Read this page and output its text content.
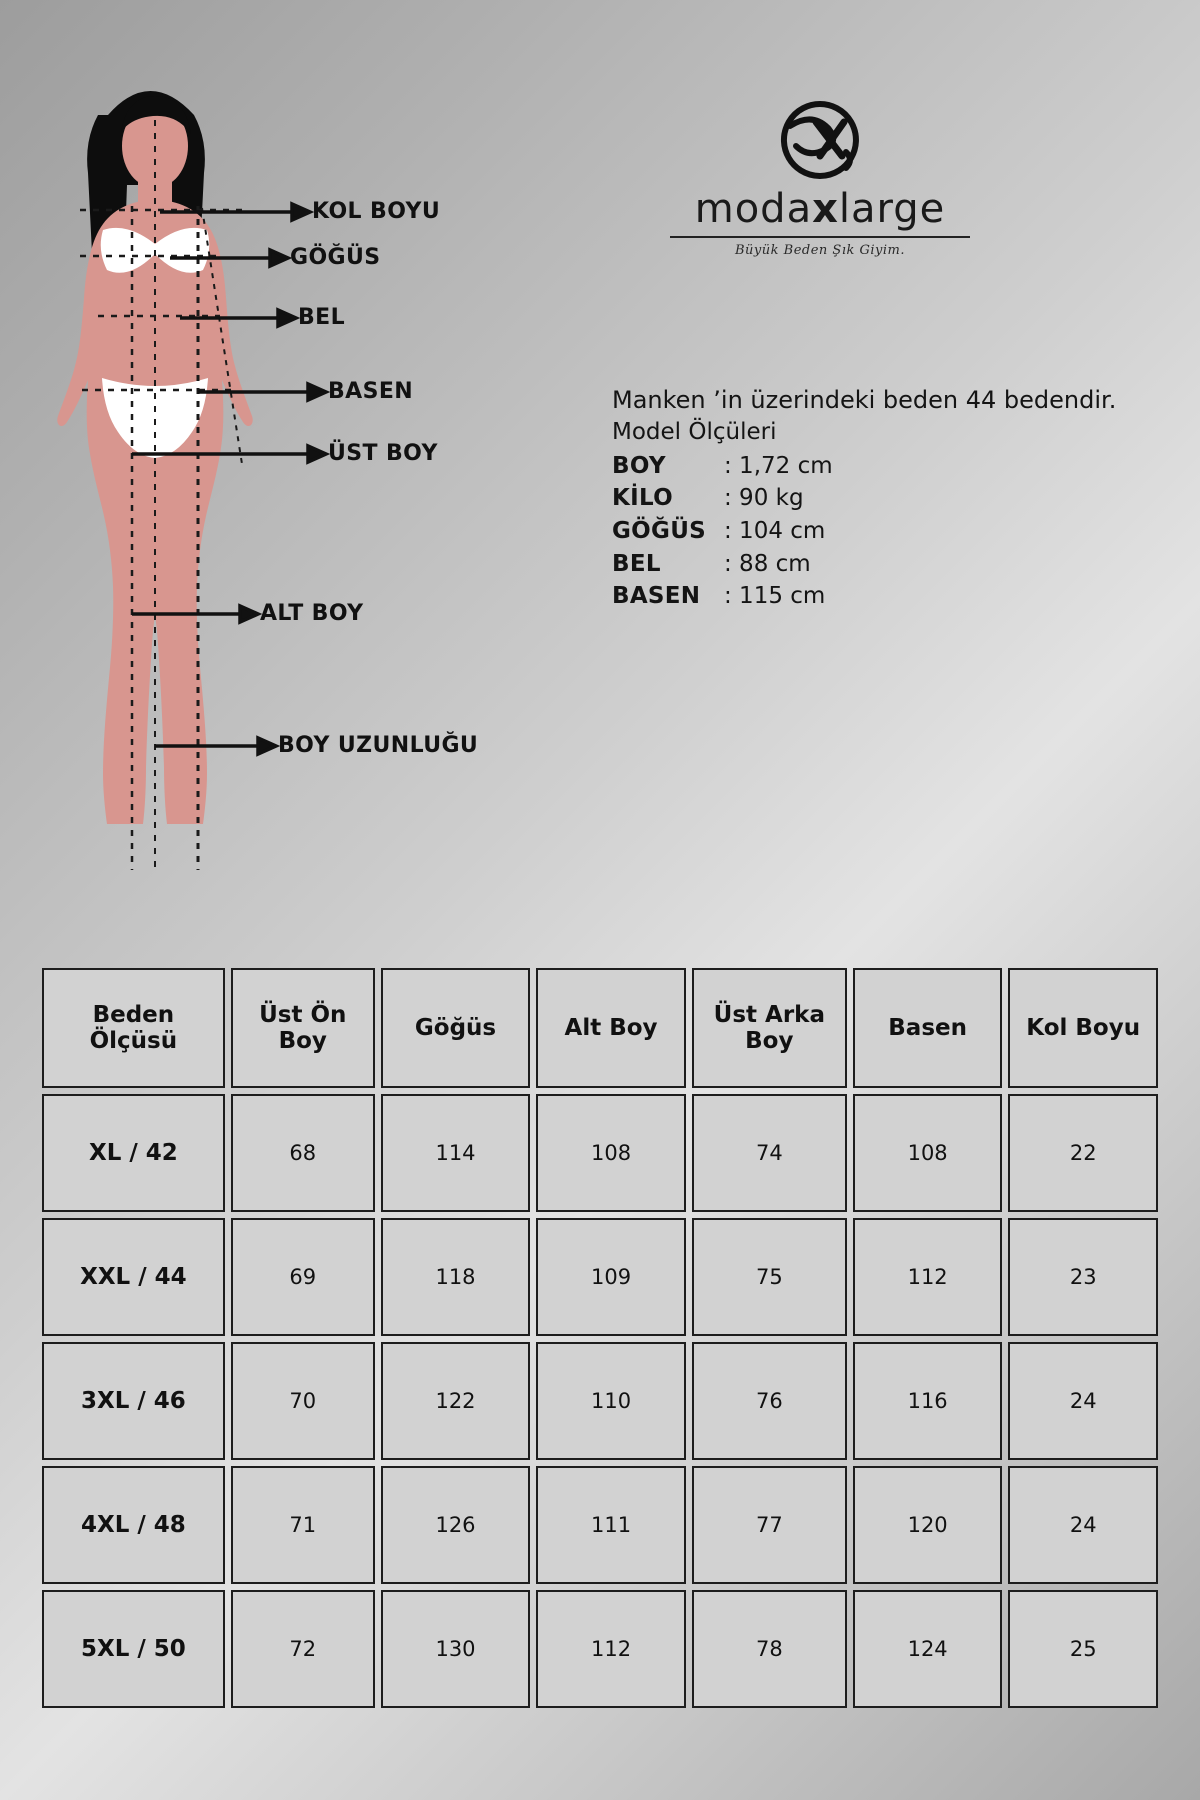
KOL BOYU
GÖĞÜS
BEL
BASEN
ÜST BOY
ALT BOY
BOY UZUNLUĞU
modaxlarge
Büyük Beden Şık Giyim.
Manken ’in üzerindeki beden 44 bedendir.
Model Ölçüleri
BOY	: 1,72 cm
KİLO	: 90 kg
GÖĞÜS : 104 cm
BEL	: 88 cm
BASEN	: 115 cm
Beden Ölçüsü	Üst Ön Boy	Göğüs	Alt Boy	Üst Arka Boy	Basen	Kol Boyu
XL / 42	68	114	108	74	108	22
XXL / 44	69	118	109	75	112	23
3XL / 46	70	122	110	76	116	24
4XL / 48	71	126	111	77	120	24
5XL / 50	72	130	112	78	124	25
